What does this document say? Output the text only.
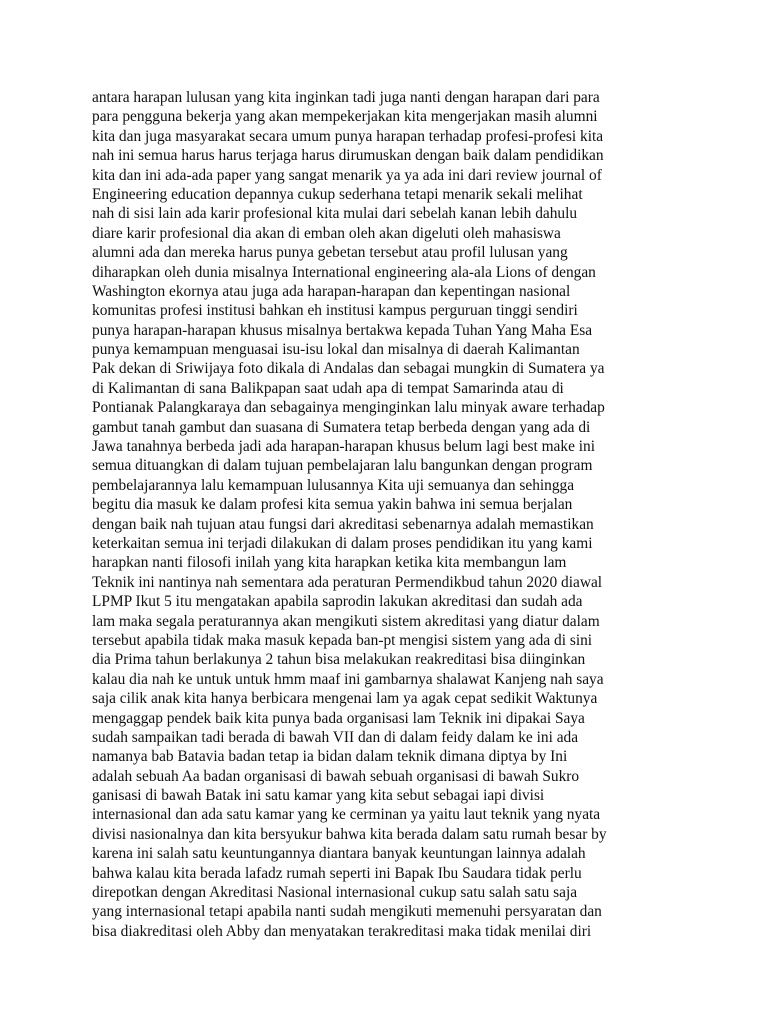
antara harapan lulusan yang kita inginkan tadi juga nanti dengan harapan dari para
para pengguna bekerja yang akan mempekerjakan kita mengerjakan masih alumni
kita dan juga masyarakat secara umum punya harapan terhadap profesi-profesi kita
nah ini semua harus harus terjaga harus dirumuskan dengan baik dalam pendidikan
kita dan ini ada-ada paper yang sangat menarik ya ya ada ini dari review journal of
Engineering education depannya cukup sederhana tetapi menarik sekali melihat
nah di sisi lain ada karir profesional kita mulai dari sebelah kanan lebih dahulu
diare karir profesional dia akan di emban oleh akan digeluti oleh mahasiswa
alumni ada dan mereka harus punya gebetan tersebut atau profil lulusan yang
diharapkan oleh dunia misalnya International engineering ala-ala Lions of dengan
Washington ekornya atau juga ada harapan-harapan dan kepentingan nasional
komunitas profesi institusi bahkan eh institusi kampus perguruan tinggi sendiri
punya harapan-harapan khusus misalnya bertakwa kepada Tuhan Yang Maha Esa
punya kemampuan menguasai isu-isu lokal dan misalnya di daerah Kalimantan
Pak dekan di Sriwijaya foto dikala di Andalas dan sebagai mungkin di Sumatera ya
di Kalimantan di sana Balikpapan saat udah apa di tempat Samarinda atau di
Pontianak Palangkaraya dan sebagainya menginginkan lalu minyak aware terhadap
gambut tanah gambut dan suasana di Sumatera tetap berbeda dengan yang ada di
Jawa tanahnya berbeda jadi ada harapan-harapan khusus belum lagi best make ini
semua dituangkan di dalam tujuan pembelajaran lalu bangunkan dengan program
pembelajarannya lalu kemampuan lulusannya Kita uji semuanya dan sehingga
begitu dia masuk ke dalam profesi kita semua yakin bahwa ini semua berjalan
dengan baik nah tujuan atau fungsi dari akreditasi sebenarnya adalah memastikan
keterkaitan semua ini terjadi dilakukan di dalam proses pendidikan itu yang kami
harapkan nanti filosofi inilah yang kita harapkan ketika kita membangun lam
Teknik ini nantinya nah sementara ada peraturan Permendikbud tahun 2020 diawal
LPMP Ikut 5 itu mengatakan apabila saprodin lakukan akreditasi dan sudah ada
lam maka segala peraturannya akan mengikuti sistem akreditasi yang diatur dalam
tersebut apabila tidak maka masuk kepada ban-pt mengisi sistem yang ada di sini
dia Prima tahun berlakunya 2 tahun bisa melakukan reakreditasi bisa diinginkan
kalau dia nah ke untuk untuk hmm maaf ini gambarnya shalawat Kanjeng nah saya
saja cilik anak kita hanya berbicara mengenai lam ya agak cepat sedikit Waktunya
mengaggap pendek baik kita punya bada organisasi lam Teknik ini dipakai Saya
sudah sampaikan tadi berada di bawah VII dan di dalam feidy dalam ke ini ada
namanya bab Batavia badan tetap ia bidan dalam teknik dimana diptya by Ini
adalah sebuah Aa badan organisasi di bawah sebuah organisasi di bawah Sukro
ganisasi di bawah Batak ini satu kamar yang kita sebut sebagai iapi divisi
internasional dan ada satu kamar yang ke cerminan ya yaitu laut teknik yang nyata
divisi nasionalnya dan kita bersyukur bahwa kita berada dalam satu rumah besar by
karena ini salah satu keuntungannya diantara banyak keuntungan lainnya adalah
bahwa kalau kita berada lafadz rumah seperti ini Bapak Ibu Saudara tidak perlu
direpotkan dengan Akreditasi Nasional internasional cukup satu salah satu saja
yang internasional tetapi apabila nanti sudah mengikuti memenuhi persyaratan dan
bisa diakreditasi oleh Abby dan menyatakan terakreditasi maka tidak menilai diri
